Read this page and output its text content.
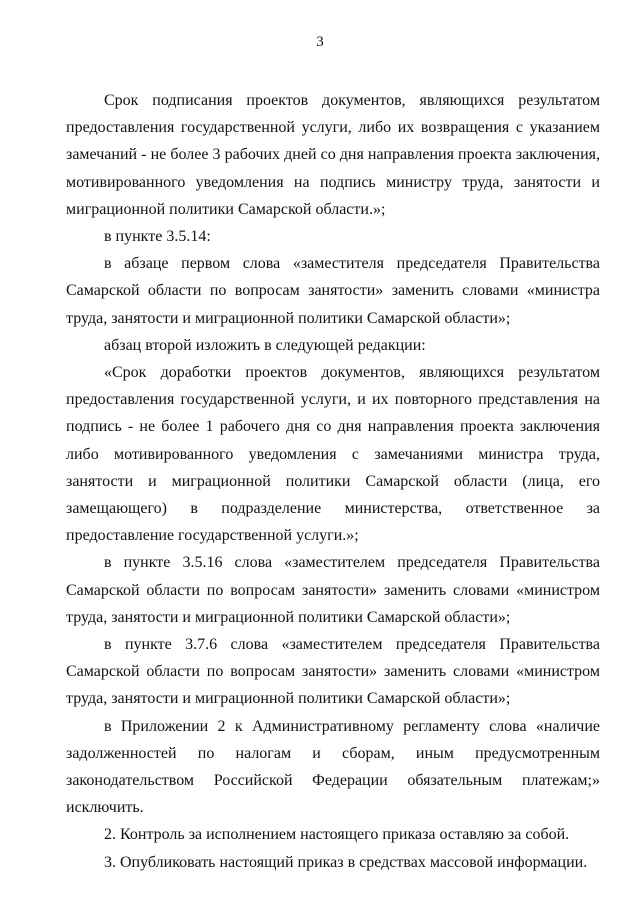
3

Срок подписания проектов документов, являющихся результатом предоставления государственной услуги, либо их возвращения с указанием замечаний - не более 3 рабочих дней со дня направления проекта заключения, мотивированного уведомления на подпись министру труда, занятости и миграционной политики Самарской области.»;

в пункте 3.5.14:

в абзаце первом слова «заместителя председателя Правительства Самарской области по вопросам занятости» заменить словами «министра труда, занятости и миграционной политики Самарской области»;

абзац второй изложить в следующей редакции:

«Срок доработки проектов документов, являющихся результатом предоставления государственной услуги, и их повторного представления на подпись - не более 1 рабочего дня со дня направления проекта заключения либо мотивированного уведомления с замечаниями министра труда, занятости и миграционной политики Самарской области (лица, его замещающего) в подразделение министерства, ответственное за предоставление государственной услуги.»;

в пункте 3.5.16 слова «заместителем председателя Правительства Самарской области по вопросам занятости» заменить словами «министром труда, занятости и миграционной политики Самарской области»;

в пункте 3.7.6 слова «заместителем председателя Правительства Самарской области по вопросам занятости» заменить словами «министром труда, занятости и миграционной политики Самарской области»;

в Приложении 2 к Административному регламенту слова «наличие задолженностей по налогам и сборам, иным предусмотренным законодательством Российской Федерации обязательным платежам;» исключить.

2. Контроль за исполнением настоящего приказа оставляю за собой.

3. Опубликовать настоящий приказ в средствах массовой информации.
